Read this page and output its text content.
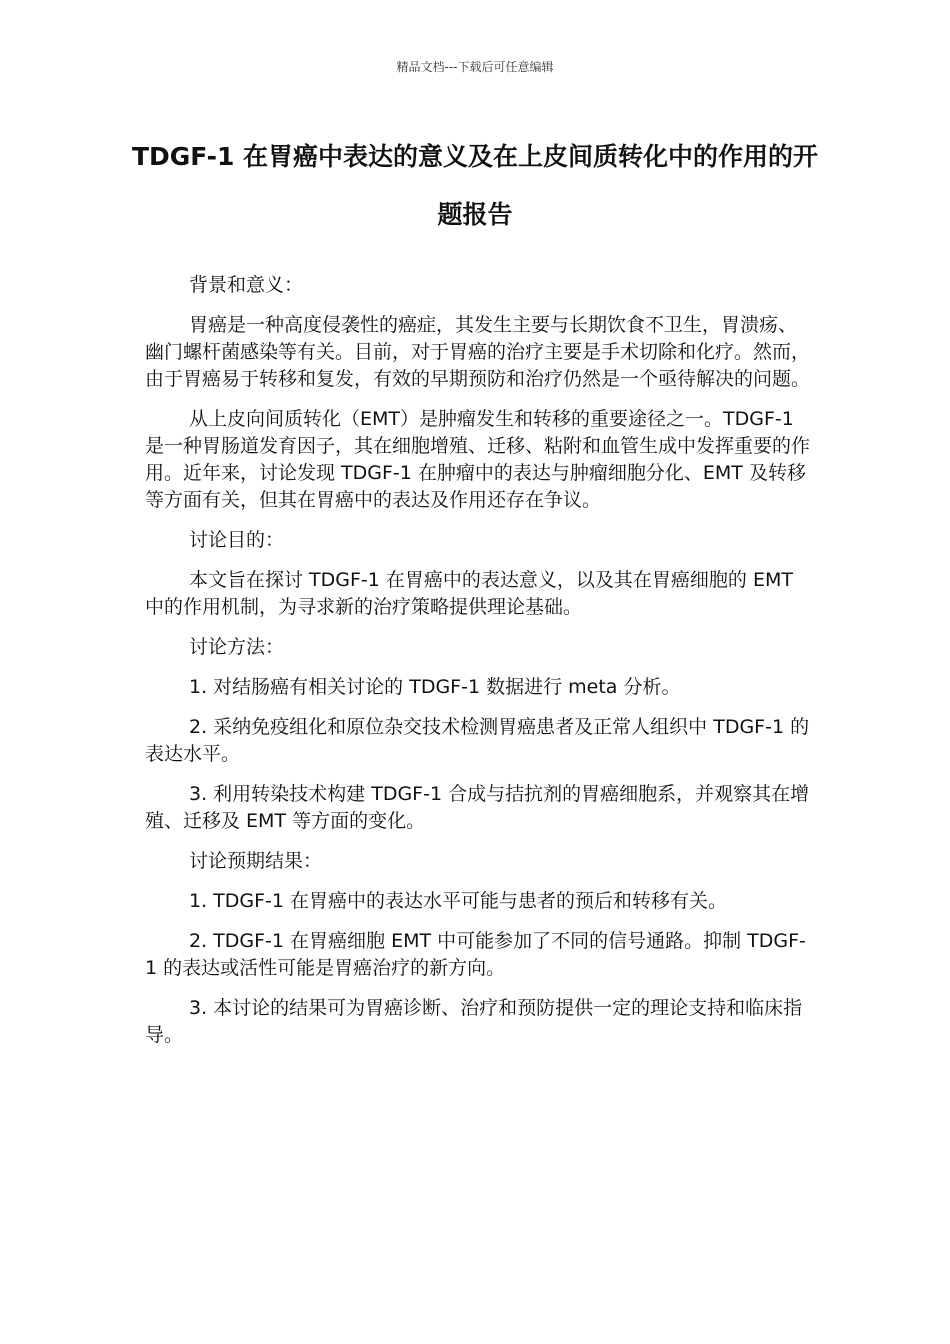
精品文档---下载后可任意编辑
TDGF-1 在胃癌中表达的意义及在上皮间质转化中的作用的开题报告

背景和意义：

胃癌是一种高度侵袭性的癌症，其发生主要与长期饮食不卫生，胃溃疡、幽门螺杆菌感染等有关。目前，对于胃癌的治疗主要是手术切除和化疗。然而，由于胃癌易于转移和复发，有效的早期预防和治疗仍然是一个亟待解决的问题。

从上皮向间质转化（EMT）是肿瘤发生和转移的重要途径之一。TDGF-1 是一种胃肠道发育因子，其在细胞增殖、迁移、粘附和血管生成中发挥重要的作用。近年来，讨论发现 TDGF-1 在肿瘤中的表达与肿瘤细胞分化、EMT 及转移等方面有关，但其在胃癌中的表达及作用还存在争议。

讨论目的：

本文旨在探讨 TDGF-1 在胃癌中的表达意义，以及其在胃癌细胞的 EMT 中的作用机制，为寻求新的治疗策略提供理论基础。

讨论方法：

1. 对结肠癌有相关讨论的 TDGF-1 数据进行 meta 分析。

2. 采纳免疫组化和原位杂交技术检测胃癌患者及正常人组织中 TDGF-1 的表达水平。

3. 利用转染技术构建 TDGF-1 合成与拮抗剂的胃癌细胞系，并观察其在增殖、迁移及 EMT 等方面的变化。

讨论预期结果：

1. TDGF-1 在胃癌中的表达水平可能与患者的预后和转移有关。

2. TDGF-1 在胃癌细胞 EMT 中可能参加了不同的信号通路。抑制 TDGF-1 的表达或活性可能是胃癌治疗的新方向。

3. 本讨论的结果可为胃癌诊断、治疗和预防提供一定的理论支持和临床指导。
